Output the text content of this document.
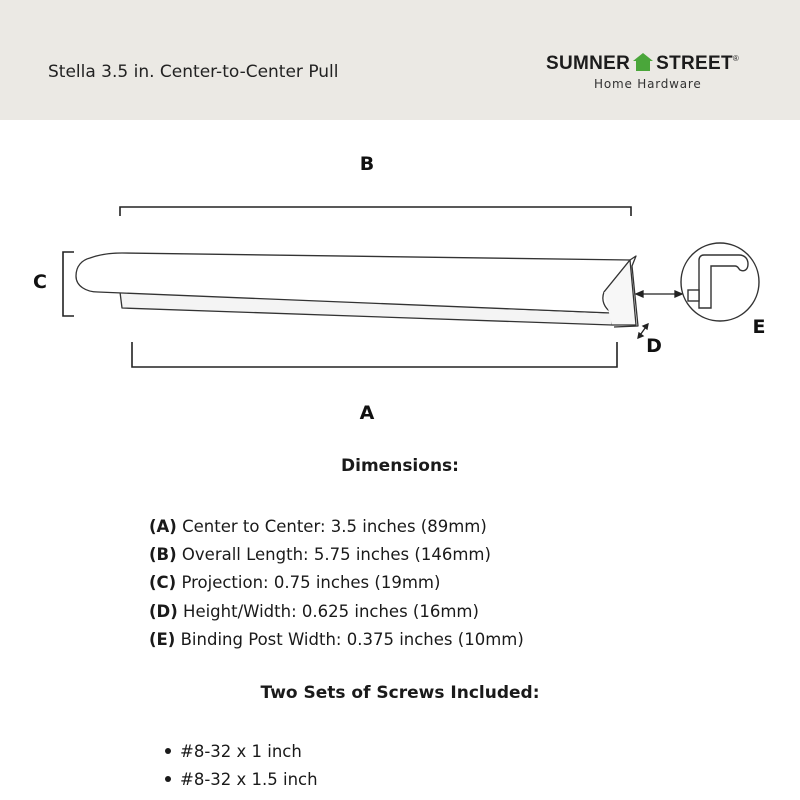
Stella 3.5 in. Center-to-Center Pull	SUMNER STREET®
Home Hardware
B
C
A
D
E
Dimensions:
(A) Center to Center: 3.5 inches (89mm)
(B) Overall Length: 5.75 inches (146mm)
(C) Projection: 0.75 inches (19mm)
(D) Height/Width: 0.625 inches (16mm)
(E) Binding Post Width: 0.375 inches (10mm)
Two Sets of Screws Included:
#8-32 x 1 inch
#8-32 x 1.5 inch
